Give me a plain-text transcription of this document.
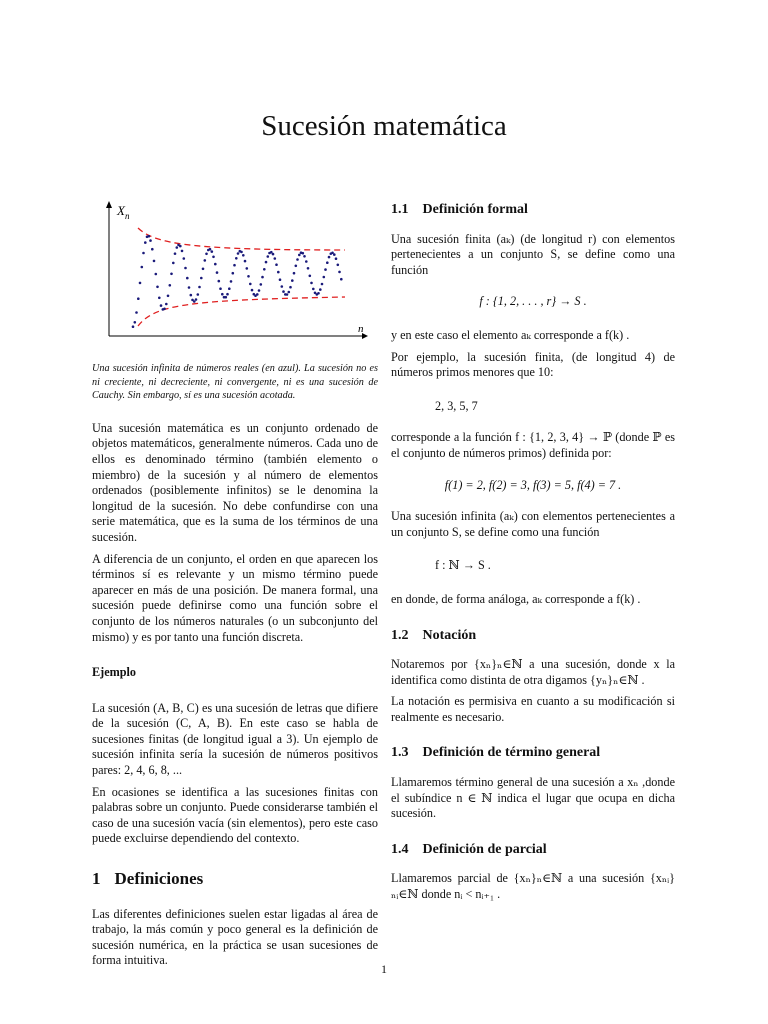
Sucesión matemática
$X_n$
n

Una sucesión infinita de números reales (en azul). La sucesión no es ni creciente, ni decreciente, ni convergente, ni es una sucesión de Cauchy. Sin embargo, sí es una sucesión acotada.

Una sucesión matemática es un conjunto ordenado de objetos matemáticos, generalmente números. Cada uno de ellos es denominado término (también elemento o miembro) de la sucesión y al número de elementos ordenados (posiblemente infinitos) se le denomina la longitud de la sucesión. No debe confundirse con una serie matemática, que es la suma de los términos de una sucesión.

A diferencia de un conjunto, el orden en que aparecen los términos sí es relevante y un mismo término puede aparecer en más de una posición. De manera formal, una sucesión puede definirse como una función sobre el conjunto de los números naturales (o un subconjunto del mismo) y es por tanto una función discreta.

Ejemplo

La sucesión (A, B, C) es una sucesión de letras que difiere de la sucesión (C, A, B). En este caso se habla de sucesiones finitas (de longitud igual a 3). Un ejemplo de sucesión infinita sería la sucesión de números positivos pares: 2, 4, 6, 8, ...

En ocasiones se identifica a las sucesiones finitas con palabras sobre un conjunto. Puede considerarse también el caso de una sucesión vacía (sin elementos), pero este caso puede excluirse dependiendo del contexto.

1 Definiciones

Las diferentes definiciones suelen estar ligadas al área de trabajo, la más común y poco general es la definición de sucesión numérica, en la práctica se usan sucesiones de forma intuitiva.

1.1 Definición formal

Una sucesión finita (aₖ) (de longitud r) con elementos pertenecientes a un conjunto S, se define como una función

f : {1, 2, . . . , r} → S .

y en este caso el elemento aₖ corresponde a f(k) .

Por ejemplo, la sucesión finita, (de longitud 4) de números primos menores que 10:

2, 3, 5, 7

corresponde a la función f : {1, 2, 3, 4} → ℙ (donde ℙ es el conjunto de números primos) definida por:

f(1) = 2, f(2) = 3, f(3) = 5, f(4) = 7 .

Una sucesión infinita (aₖ) con elementos pertenecientes a un conjunto S, se define como una función

f : ℕ → S .

en donde, de forma análoga, aₖ corresponde a f(k) .

1.2 Notación

Notaremos por {xₙ}ₙ∈ℕ a una sucesión, donde x la identifica como distinta de otra digamos {yₙ}ₙ∈ℕ .

La notación es permisiva en cuanto a su modificación si realmente es necesario.

1.3 Definición de término general

Llamaremos término general de una sucesión a xₙ ,donde el subíndice n ∈ ℕ indica el lugar que ocupa en dicha sucesión.

1.4 Definición de parcial

Llamaremos parcial de {xₙ}ₙ∈ℕ a una sucesión {xₙᵢ}ₙᵢ∈ℕ donde nᵢ < nᵢ₊₁ .

1
